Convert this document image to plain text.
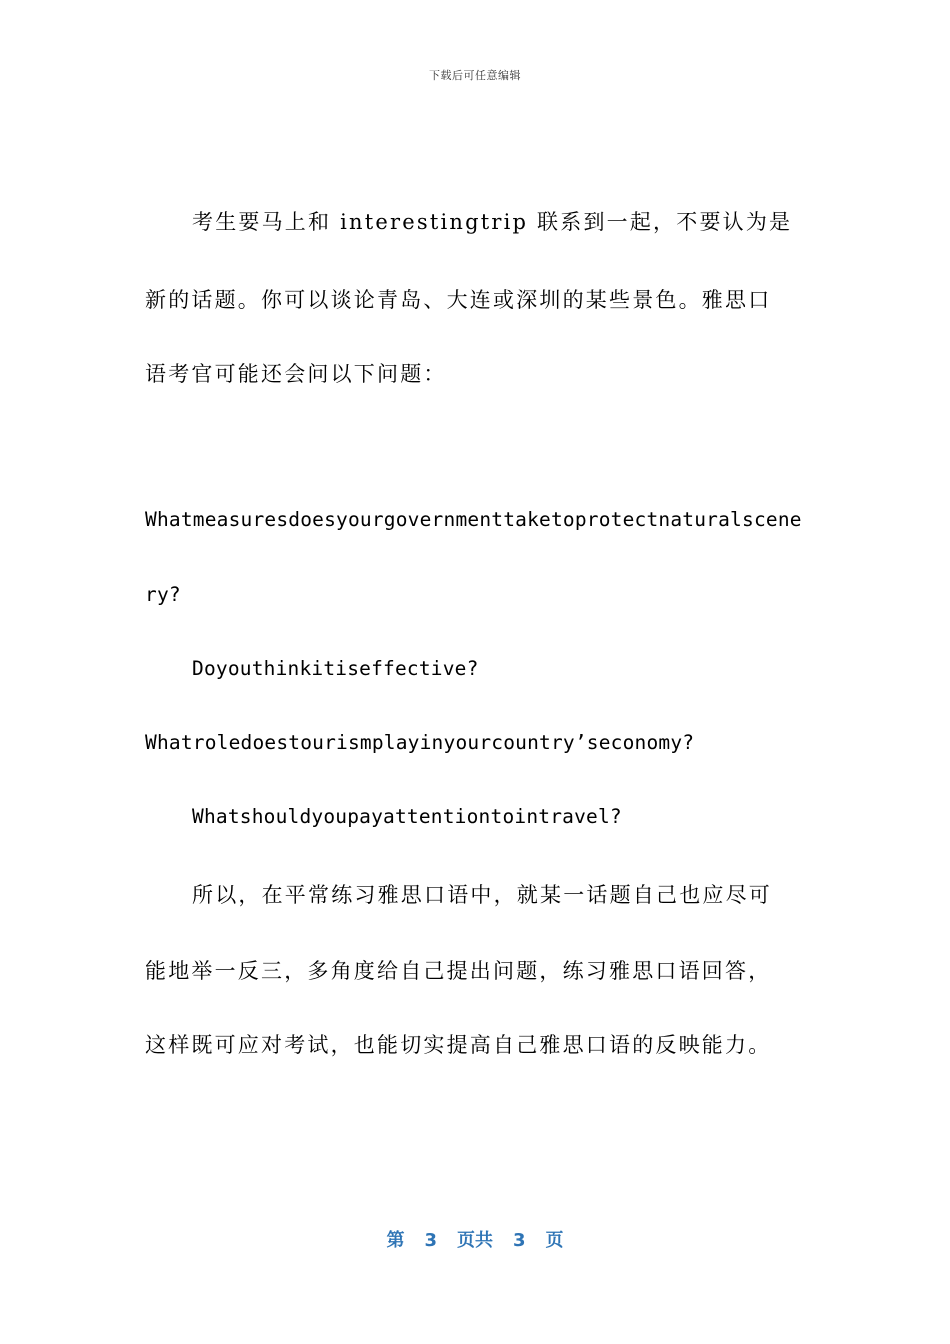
下载后可任意编辑
考生要马上和 interestingtrip 联系到一起，不要认为是
新的话题。你可以谈论青岛、大连或深圳的某些景色。雅思口
语考官可能还会问以下问题：
Whatmeasuresdoesyourgovernmenttaketoprotectnaturalscene
ry?
Doyouthinkitiseffective?
Whatroledoestourismplayinyourcountry’seconomy?
Whatshouldyoupayattentiontointravel?
所以，在平常练习雅思口语中，就某一话题自己也应尽可
能地举一反三，多角度给自己提出问题，练习雅思口语回答，
这样既可应对考试，也能切实提高自己雅思口语的反映能力。
第 3 页共 3 页
